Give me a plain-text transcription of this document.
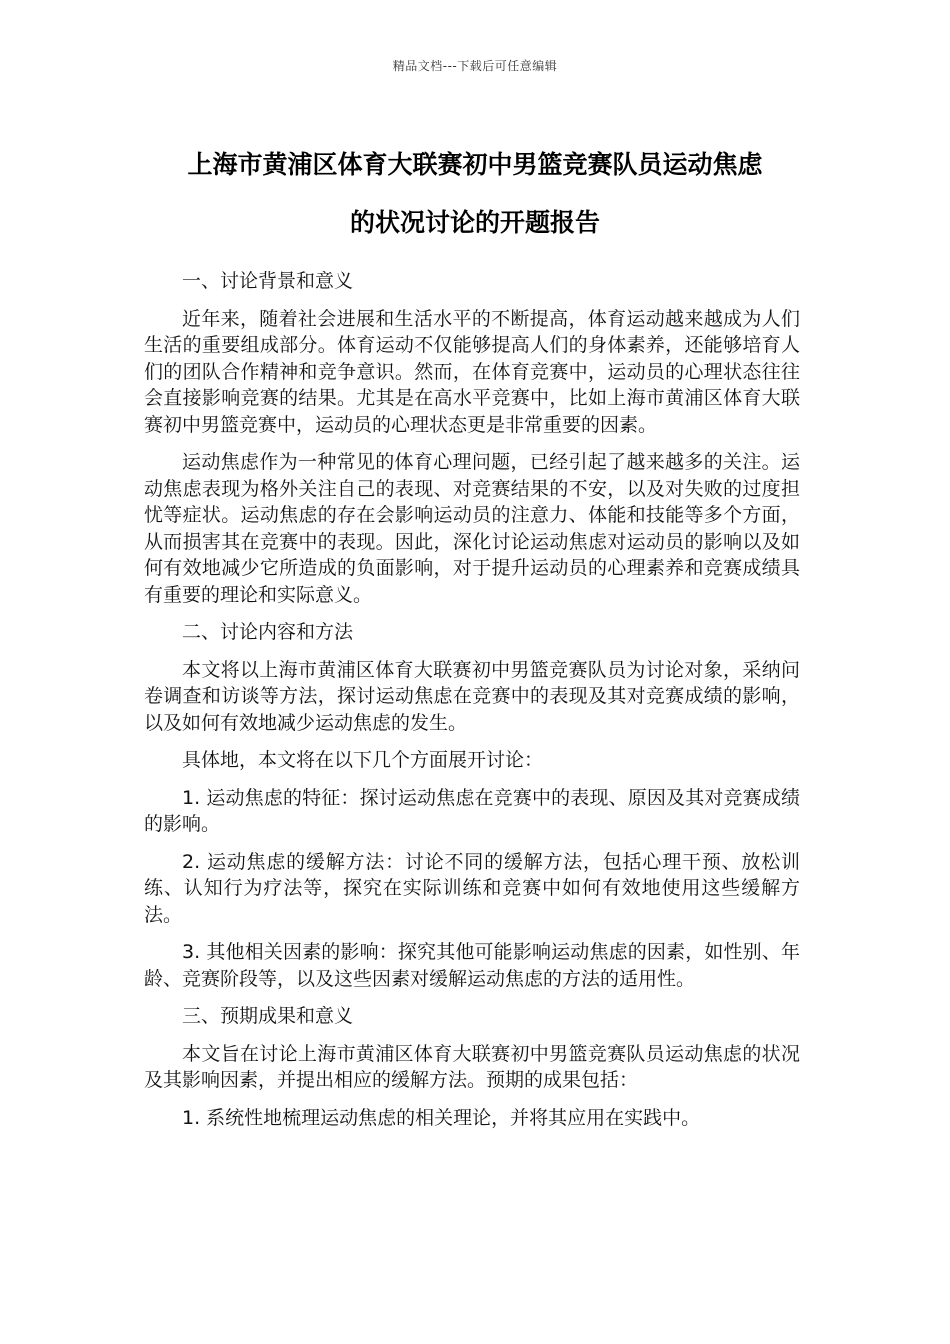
精品文档---下载后可任意编辑
上海市黄浦区体育大联赛初中男篮竞赛队员运动焦虑
的状况讨论的开题报告

一、讨论背景和意义

近年来，随着社会进展和生活水平的不断提高，体育运动越来越成为人们生活的重要组成部分。体育运动不仅能够提高人们的身体素养，还能够培育人们的团队合作精神和竞争意识。然而，在体育竞赛中，运动员的心理状态往往会直接影响竞赛的结果。尤其是在高水平竞赛中，比如上海市黄浦区体育大联赛初中男篮竞赛中，运动员的心理状态更是非常重要的因素。

运动焦虑作为一种常见的体育心理问题，已经引起了越来越多的关注。运动焦虑表现为格外关注自己的表现、对竞赛结果的不安，以及对失败的过度担忧等症状。运动焦虑的存在会影响运动员的注意力、体能和技能等多个方面，从而损害其在竞赛中的表现。因此，深化讨论运动焦虑对运动员的影响以及如何有效地减少它所造成的负面影响，对于提升运动员的心理素养和竞赛成绩具有重要的理论和实际意义。

二、讨论内容和方法

本文将以上海市黄浦区体育大联赛初中男篮竞赛队员为讨论对象，采纳问卷调查和访谈等方法，探讨运动焦虑在竞赛中的表现及其对竞赛成绩的影响，以及如何有效地减少运动焦虑的发生。

具体地，本文将在以下几个方面展开讨论：

1. 运动焦虑的特征：探讨运动焦虑在竞赛中的表现、原因及其对竞赛成绩的影响。

2. 运动焦虑的缓解方法：讨论不同的缓解方法，包括心理干预、放松训练、认知行为疗法等，探究在实际训练和竞赛中如何有效地使用这些缓解方法。

3. 其他相关因素的影响：探究其他可能影响运动焦虑的因素，如性别、年龄、竞赛阶段等，以及这些因素对缓解运动焦虑的方法的适用性。

三、预期成果和意义

本文旨在讨论上海市黄浦区体育大联赛初中男篮竞赛队员运动焦虑的状况及其影响因素，并提出相应的缓解方法。预期的成果包括：

1. 系统性地梳理运动焦虑的相关理论，并将其应用在实践中。
